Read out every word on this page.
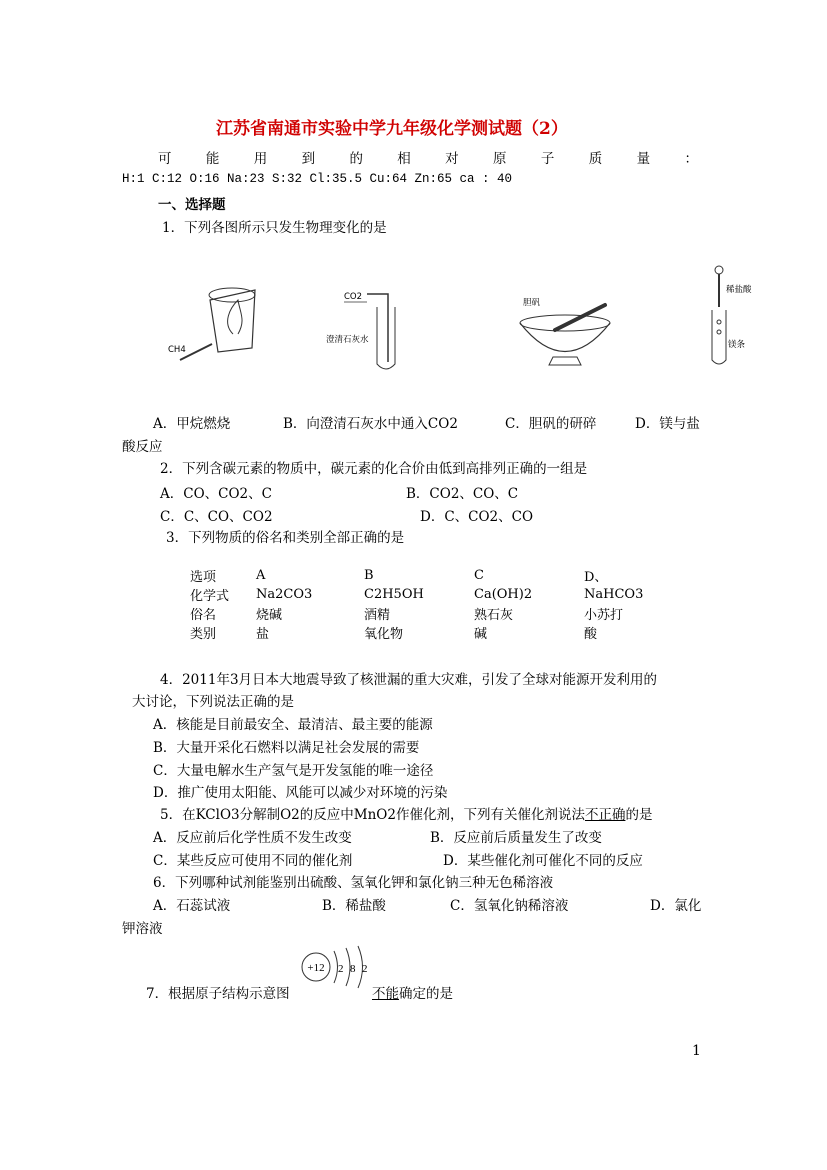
江苏省南通市实验中学九年级化学测试题（2）
可	能	用	到	的	相	对	原	子	质	量	：
H:1 C:12 O:16 Na:23 S:32 Cl:35.5 Cu:64 Zn:65 ca : 40
一、选择题
1．下列各图所示只发生物理变化的是
CH4
CO2
澄清石灰水
胆矾
稀盐酸
镁条
A．甲烷燃烧	B．向澄清石灰水中通入CO2	C．胆矾的研碎	D．镁与盐
酸反应
2．下列含碳元素的物质中，碳元素的化合价由低到高排列正确的一组是
A．CO、CO2、C	B．CO2、CO、C
C．C、CO、CO2	D．C、CO2、CO
3．下列物质的俗名和类别全部正确的是
选项	A	B	C	D、
化学式	Na2CO3	C2H5OH	Ca(OH)2	NaHCO3
俗名	烧碱	酒精	熟石灰	小苏打
类别	盐	氧化物	碱	酸
4．2011年3月日本大地震导致了核泄漏的重大灾难，引发了全球对能源开发利用的
大讨论，下列说法正确的是
A．核能是目前最安全、最清洁、最主要的能源
B．大量开采化石燃料以满足社会发展的需要
C．大量电解水生产氢气是开发氢能的唯一途径
D．推广使用太阳能、风能可以减少对环境的污染
5．在KClO3分解制O2的反应中MnO2作催化剂，下列有关催化剂说法不正确的是
A．反应前后化学性质不发生改变	B．反应前后质量发生了改变
C．某些反应可使用不同的催化剂	D．某些催化剂可催化不同的反应
6．下列哪种试剂能鉴别出硫酸、氢氧化钾和氯化钠三种无色稀溶液
A．石蕊试液	B．稀盐酸	C．氢氧化钠稀溶液	D．氯化
钾溶液
+12 2 8 2
7．根据原子结构示意图	不能确定的是
1
